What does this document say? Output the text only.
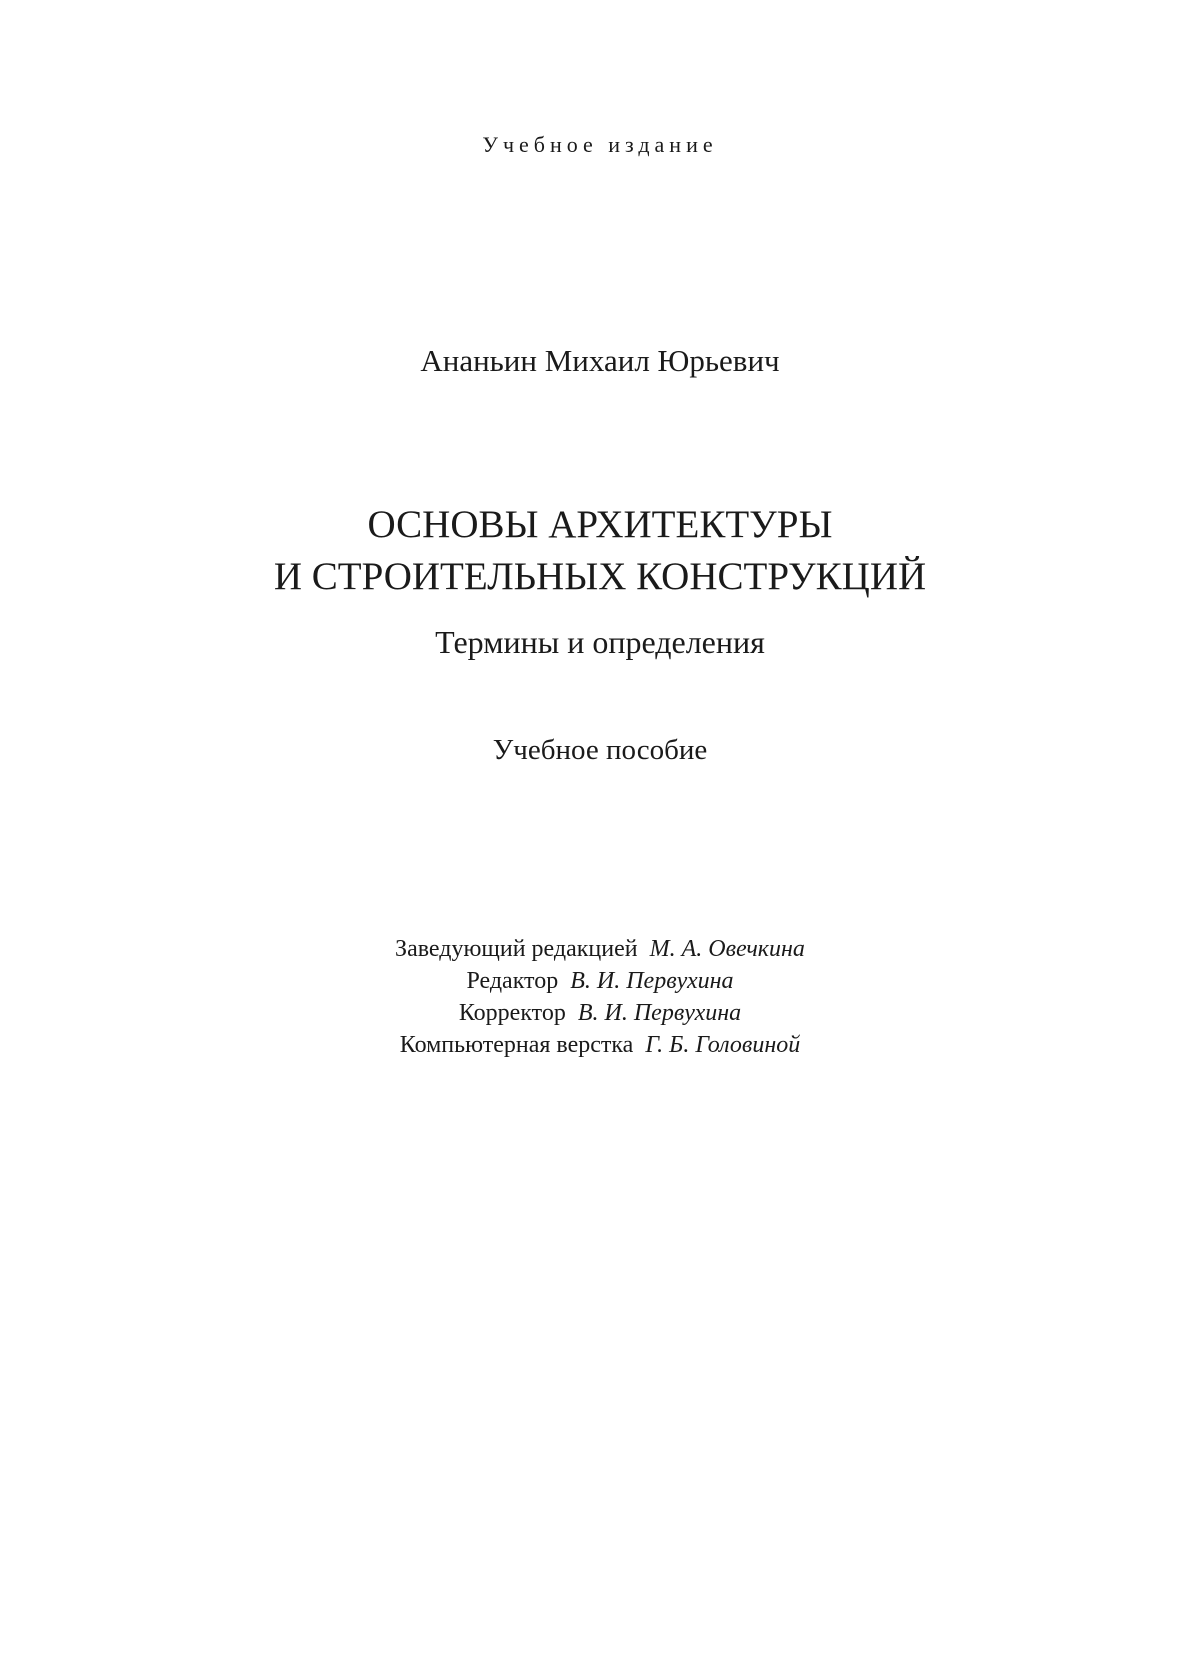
Учебное издание
Ананьин Михаил Юрьевич
ОСНОВЫ АРХИТЕКТУРЫ
И СТРОИТЕЛЬНЫХ КОНСТРУКЦИЙ
Термины и определения
Учебное пособие
Заведующий редакцией М. А. Овечкина
Редактор В. И. Первухина
Корректор В. И. Первухина
Компьютерная верстка Г. Б. Головиной
